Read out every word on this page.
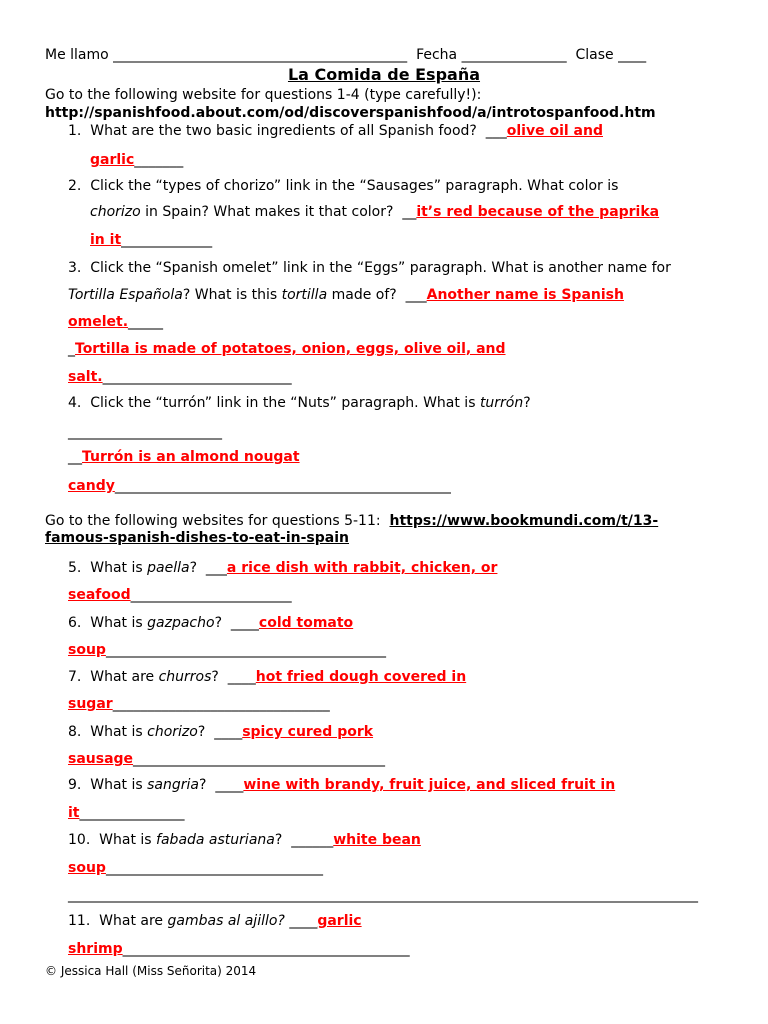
Me llamo __________________________________________ Fecha _______________ Clase ____
La Comida de España
Go to the following website for questions 1-4 (type carefully!):
http://spanishfood.about.com/od/discoverspanishfood/a/introtospanfood.htm
1. What are the two basic ingredients of all Spanish food? ___olive oil and
garlic_______
2. Click the “types of chorizo” link in the “Sausages” paragraph. What color is
chorizo in Spain? What makes it that color? __it’s red because of the paprika
in it_____________
3. Click the “Spanish omelet” link in the “Eggs” paragraph. What is another name for
Tortilla Española? What is this tortilla made of? ___Another name is Spanish
omelet._____
_Tortilla is made of potatoes, onion, eggs, olive oil, and
salt.___________________________
4. Click the “turrón” link in the “Nuts” paragraph. What is turrón?
______________________
__Turrón is an almond nougat
candy________________________________________________
Go to the following websites for questions 5-11: https://www.bookmundi.com/t/13-
famous-spanish-dishes-to-eat-in-spain
5. What is paella? ___a rice dish with rabbit, chicken, or
seafood_______________________
6. What is gazpacho? ____cold tomato
soup________________________________________
7. What are churros? ____hot fried dough covered in
sugar_______________________________
8. What is chorizo? ____spicy cured pork
sausage____________________________________
9. What is sangria? ____wine with brandy, fruit juice, and sliced fruit in
it_______________
10. What is fabada asturiana? ______white bean
soup_______________________________
__________________________________________________________________________________________
11. What are gambas al ajillo? ____garlic
shrimp_________________________________________
© Jessica Hall (Miss Señorita) 2014
